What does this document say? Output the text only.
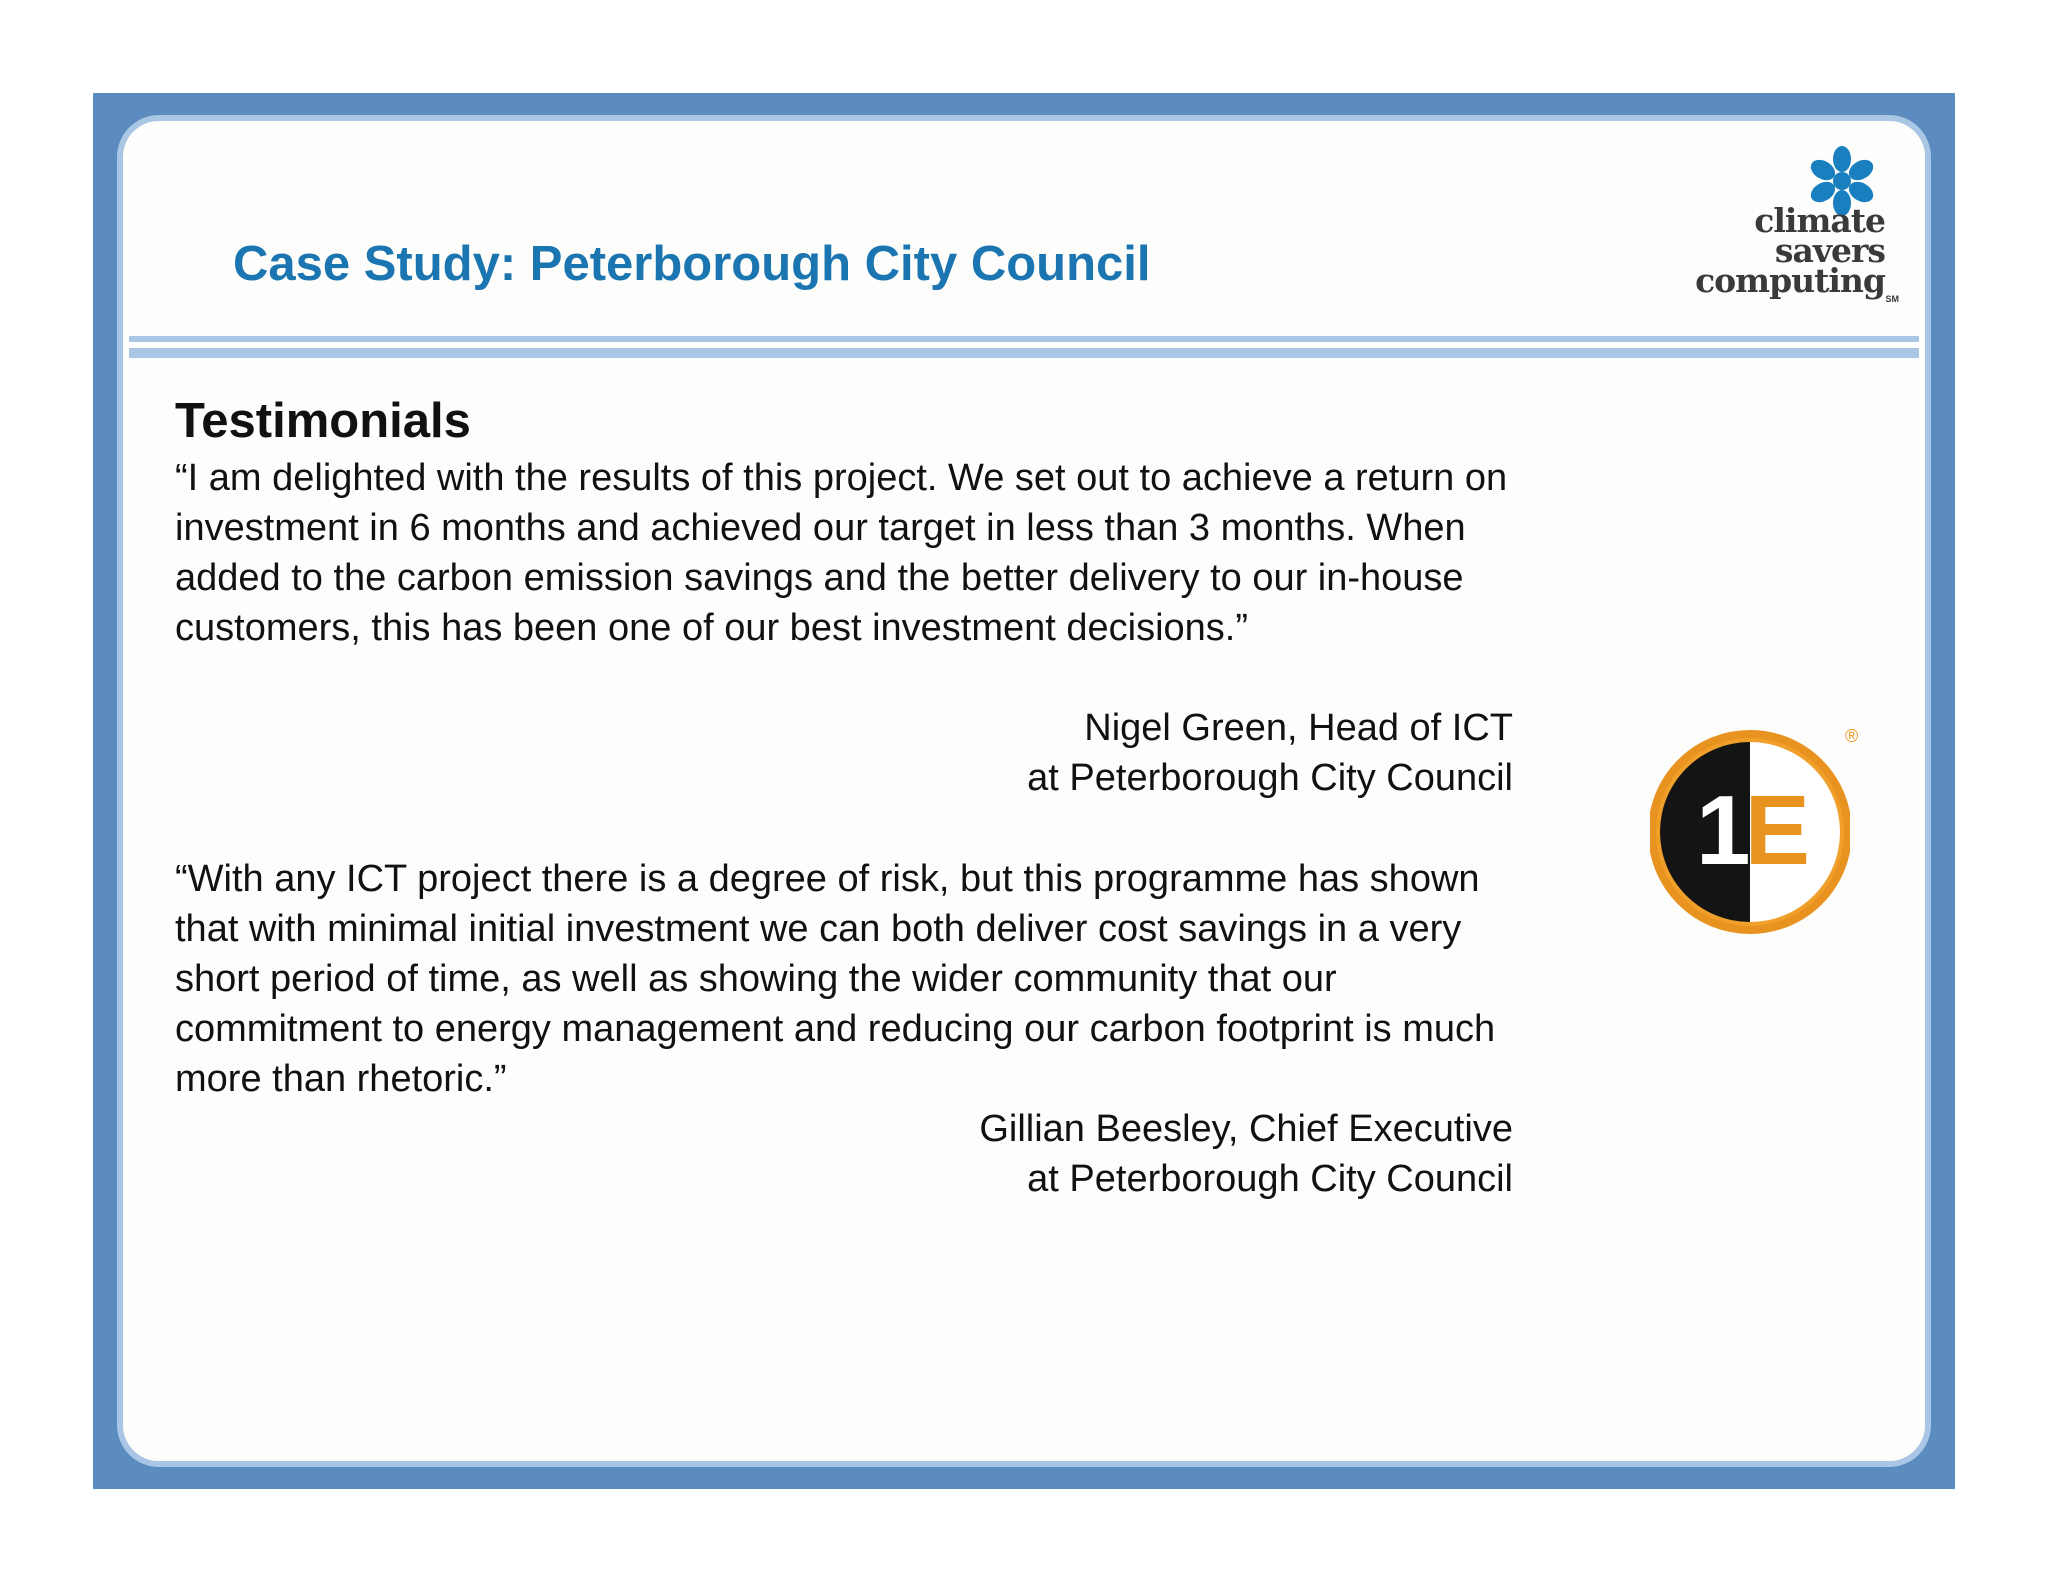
Case Study: Peterborough City Council
climate
savers
computing SM
Testimonials

“I am delighted with the results of this project. We set out to achieve a return on investment in 6 months and achieved our target in less than 3 months. When added to the carbon emission savings and the better delivery to our in-house customers, this has been one of our best investment decisions.”

Nigel Green, Head of ICT
at Peterborough City Council

“With any ICT project there is a degree of risk, but this programme has shown that with minimal initial investment we can both deliver cost savings in a very short period of time, as well as showing the wider community that our commitment to energy management and reducing our carbon footprint is much more than rhetoric.”

Gillian Beesley, Chief Executive
at Peterborough City Council
1E
®
